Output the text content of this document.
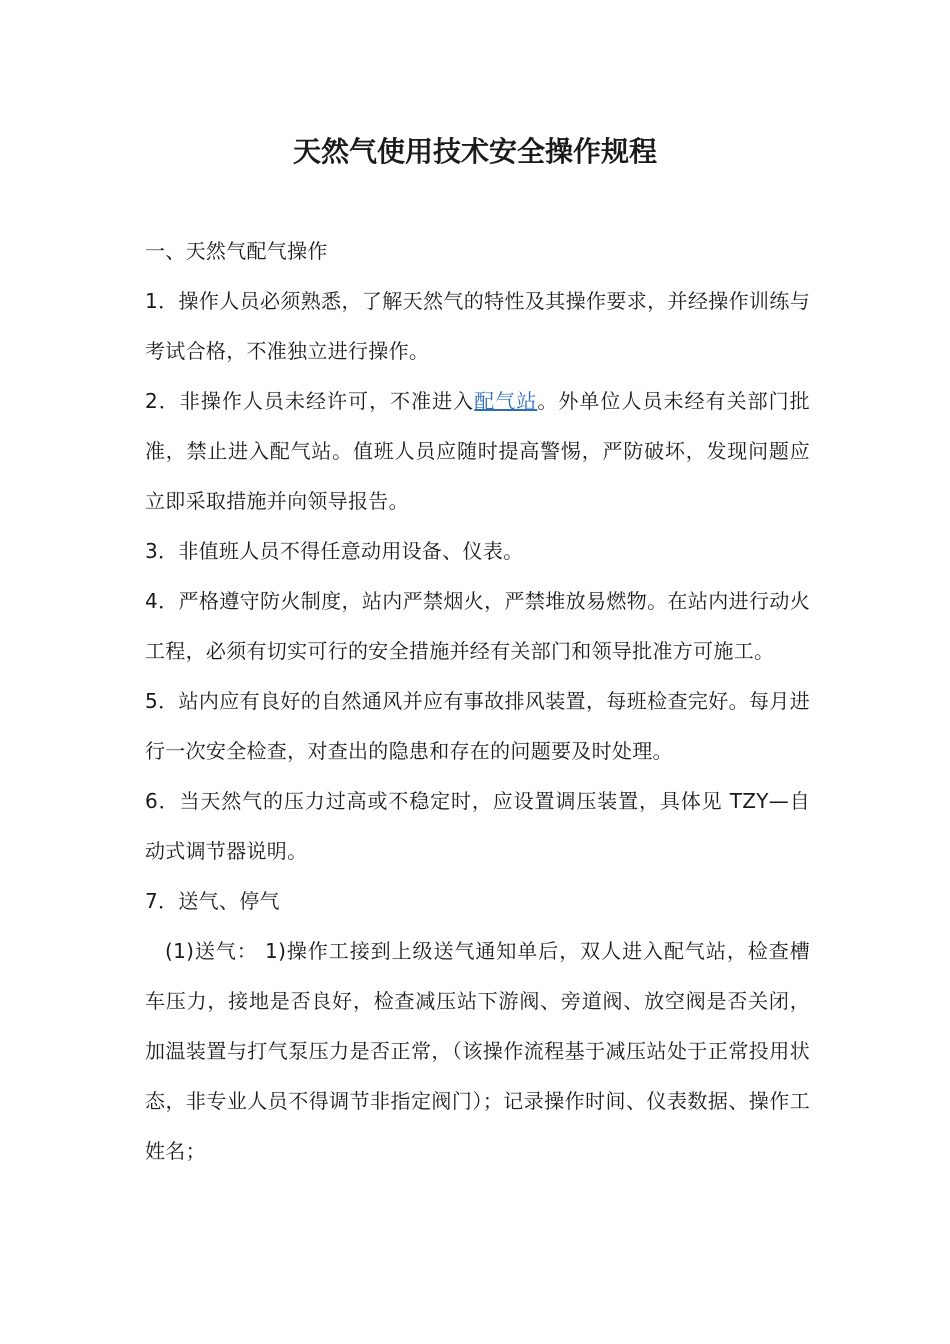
天然气使用技术安全操作规程

一、天然气配气操作

1．操作人员必须熟悉，了解天然气的特性及其操作要求，并经操作训练与考试合格，不准独立进行操作。

2．非操作人员未经许可，不准进入配气站。外单位人员未经有关部门批准，禁止进入配气站。值班人员应随时提高警惕，严防破坏，发现问题应立即采取措施并向领导报告。

3．非值班人员不得任意动用设备、仪表。

4．严格遵守防火制度，站内严禁烟火，严禁堆放易燃物。在站内进行动火工程，必须有切实可行的安全措施并经有关部门和领导批准方可施工。

5．站内应有良好的自然通风并应有事故排风装置，每班检查完好。每月进行一次安全检查，对查出的隐患和存在的问题要及时处理。

6．当天然气的压力过高或不稳定时，应设置调压装置，具体见 TZY—自动式调节器说明。

7．送气、停气

(1)送气： 1)操作工接到上级送气通知单后，双人进入配气站，检查槽车压力，接地是否良好，检查减压站下游阀、旁道阀、放空阀是否关闭，加温装置与打气泵压力是否正常，（该操作流程基于减压站处于正常投用状态，非专业人员不得调节非指定阀门）；记录操作时间、仪表数据、操作工姓名；
